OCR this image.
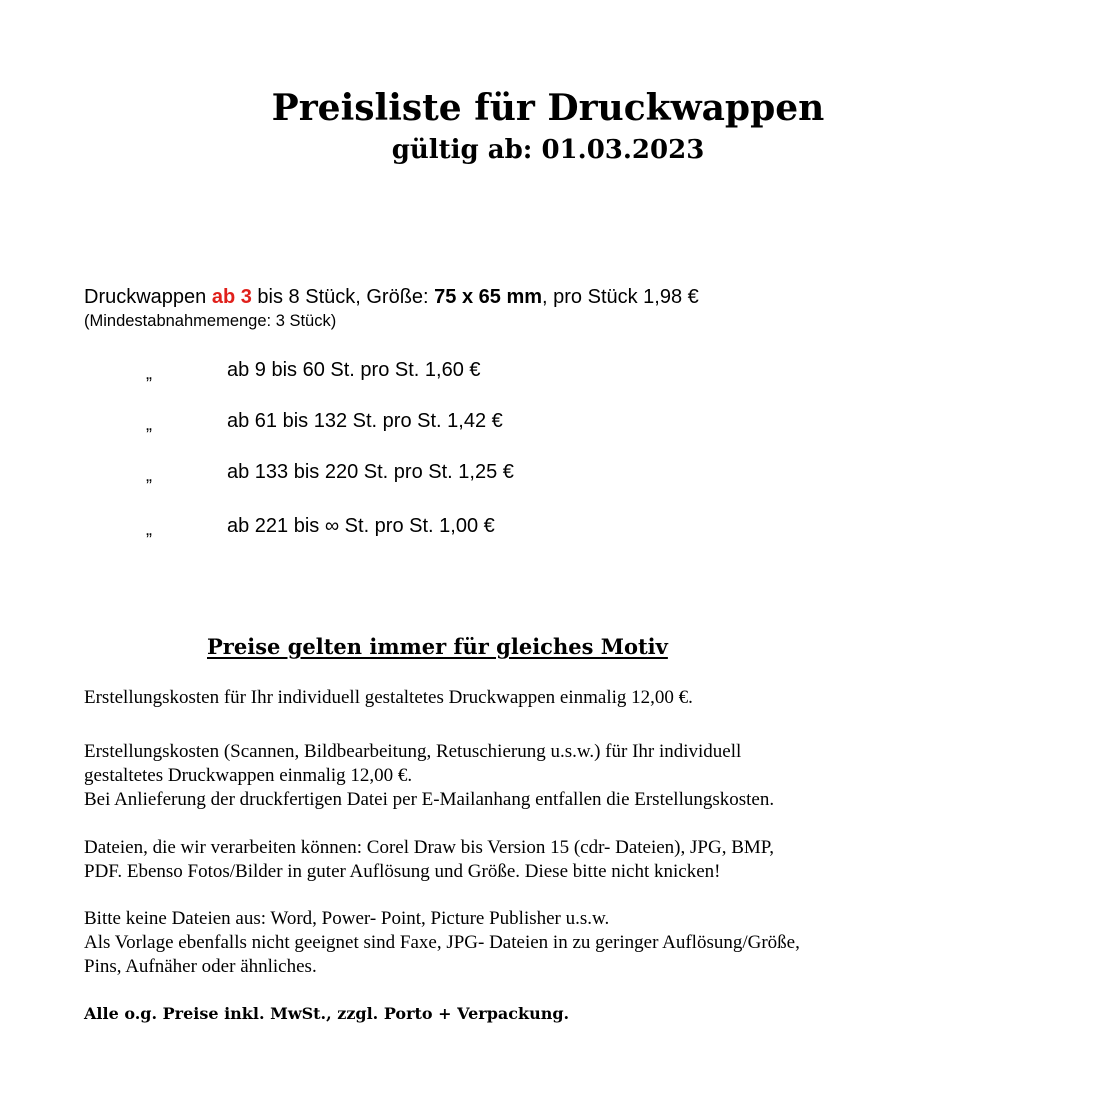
Preisliste für Druckwappen
gültig ab: 01.03.2023
Druckwappen ab 3 bis 8 Stück, Größe: 75 x 65 mm, pro Stück 1,98 €
(Mindestabnahmemenge: 3 Stück)
„	ab 9 bis 60 St. pro St. 1,60 €
„	ab 61 bis 132 St. pro St. 1,42 €
„	ab 133 bis 220 St. pro St. 1,25 €
„	ab 221 bis ∞ St. pro St. 1,00 €
Preise gelten immer für gleiches Motiv
Erstellungskosten für Ihr individuell gestaltetes Druckwappen einmalig 12,00 €.
Erstellungskosten (Scannen, Bildbearbeitung, Retuschierung u.s.w.) für Ihr individuell
gestaltetes Druckwappen einmalig 12,00 €.
Bei Anlieferung der druckfertigen Datei per E-Mailanhang entfallen die Erstellungskosten.
Dateien, die wir verarbeiten können: Corel Draw bis Version 15 (cdr- Dateien), JPG, BMP,
PDF. Ebenso Fotos/Bilder in guter Auflösung und Größe. Diese bitte nicht knicken!
Bitte keine Dateien aus: Word, Power- Point, Picture Publisher u.s.w.
Als Vorlage ebenfalls nicht geeignet sind Faxe, JPG- Dateien in zu geringer Auflösung/Größe,
Pins, Aufnäher oder ähnliches.
Alle o.g. Preise inkl. MwSt., zzgl. Porto + Verpackung.
